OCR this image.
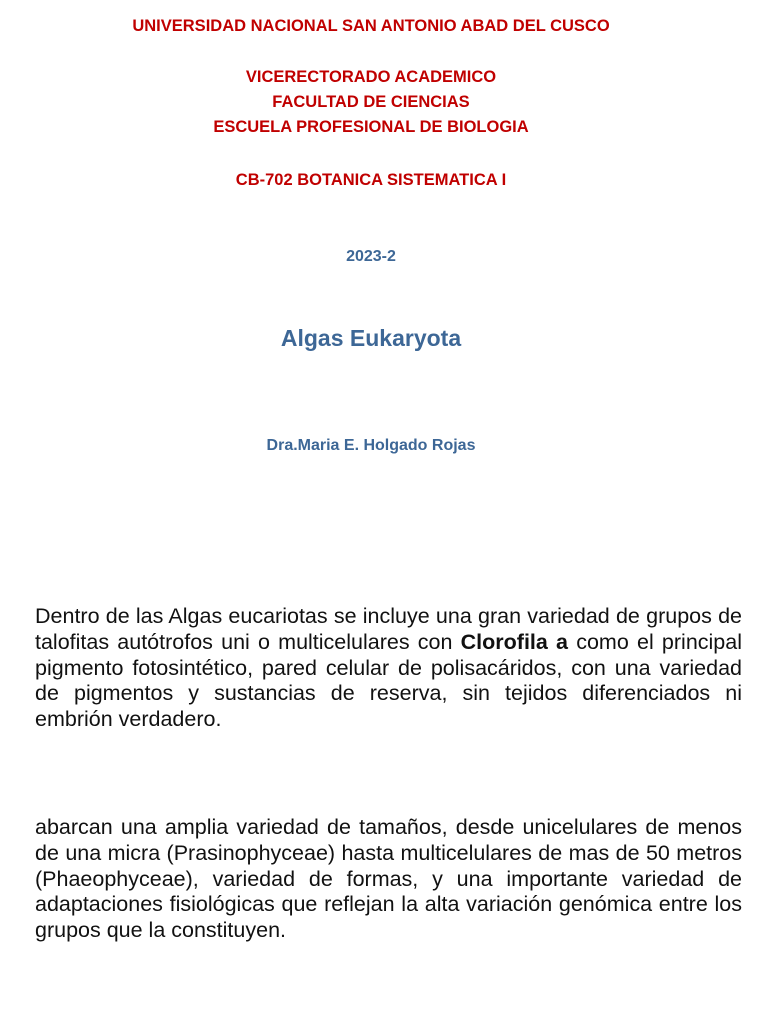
UNIVERSIDAD NACIONAL SAN ANTONIO ABAD DEL CUSCO
VICERECTORADO ACADEMICO
FACULTAD DE CIENCIAS
ESCUELA PROFESIONAL DE BIOLOGIA
CB-702 BOTANICA SISTEMATICA I
2023-2
Algas Eukaryota
Dra.Maria E. Holgado Rojas

Dentro de las Algas eucariotas se incluye una gran variedad de grupos de talofitas autótrofos uni o multicelulares con Clorofila a como el principal pigmento fotosintético, pared celular de polisacáridos, con una variedad de pigmentos y sustancias de reserva, sin tejidos diferenciados ni embrión verdadero.

abarcan una amplia variedad de tamaños, desde unicelulares de menos de una micra (Prasinophyceae) hasta multicelulares de mas de 50 metros (Phaeophyceae), variedad de formas, y una importante variedad de adaptaciones fisiológicas que reflejan la alta variación genómica entre los grupos que la constituyen.
